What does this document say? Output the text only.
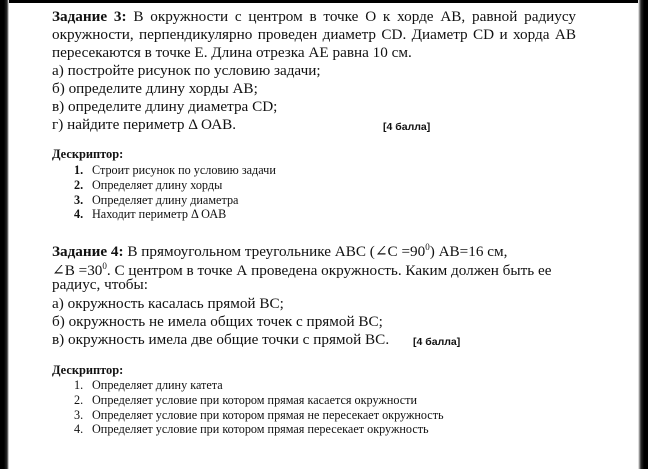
Задание 3: В окружности с центром в точке О к хорде АВ, равной радиусу окружности, перпендикулярно проведен диаметр CD. Диаметр CD и хорда АВ пересекаются в точке Е. Длина отрезка АЕ равна 10 см.
а) постройте рисунок по условию задачи;
б) определите длину хорды АВ;
в) определите длину диаметра CD;
г) найдите периметр Δ ОАВ.	[4 балла]
Дескриптор:
1. Строит рисунок по условию задачи
2. Определяет длину хорды
3. Определяет длину диаметра
4. Находит периметр Δ ОАВ
Задание 4: В прямоугольном треугольнике АВС (∠С $=90^0$) АВ=16 см,
∠В $=30^0$. С центром в точке А проведена окружность. Каким должен быть ее
радиус, чтобы:
а) окружность касалась прямой ВС;
б) окружность не имела общих точек с прямой ВС;
в) окружность имела две общие точки с прямой ВС. [4 балла]
Дескриптор:
1. Определяет длину катета
2. Определяет условие при котором прямая касается окружности
3. Определяет условие при котором прямая не пересекает окружность
4. Определяет условие при котором прямая пересекает окружность
